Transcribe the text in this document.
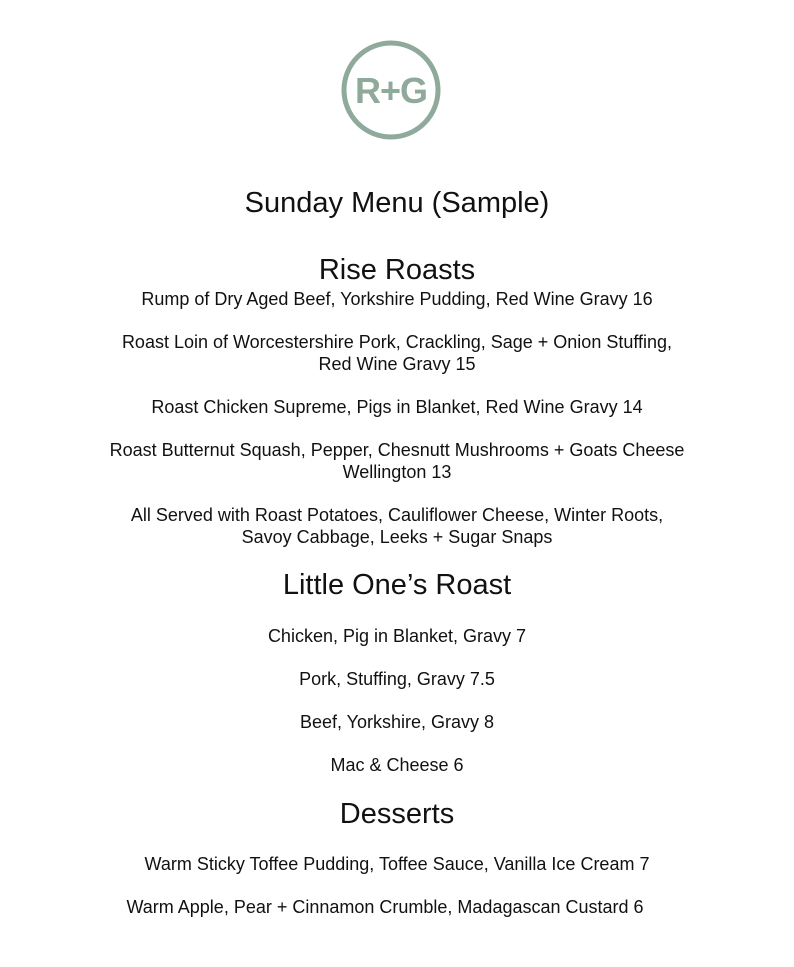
R+G
Sunday Menu (Sample)
Rise Roasts
Rump of Dry Aged Beef, Yorkshire Pudding, Red Wine Gravy 16
Roast Loin of Worcestershire Pork, Crackling, Sage + Onion Stuffing,
Red Wine Gravy 15
Roast Chicken Supreme, Pigs in Blanket, Red Wine Gravy 14
Roast Butternut Squash, Pepper, Chesnutt Mushrooms + Goats Cheese
Wellington 13
All Served with Roast Potatoes, Cauliflower Cheese, Winter Roots,
Savoy Cabbage, Leeks + Sugar Snaps
Little One’s Roast
Chicken, Pig in Blanket, Gravy 7
Pork, Stuffing, Gravy 7.5
Beef, Yorkshire, Gravy 8
Mac & Cheese 6
Desserts
Warm Sticky Toffee Pudding, Toffee Sauce, Vanilla Ice Cream 7
Warm Apple, Pear + Cinnamon Crumble, Madagascan Custard 6
